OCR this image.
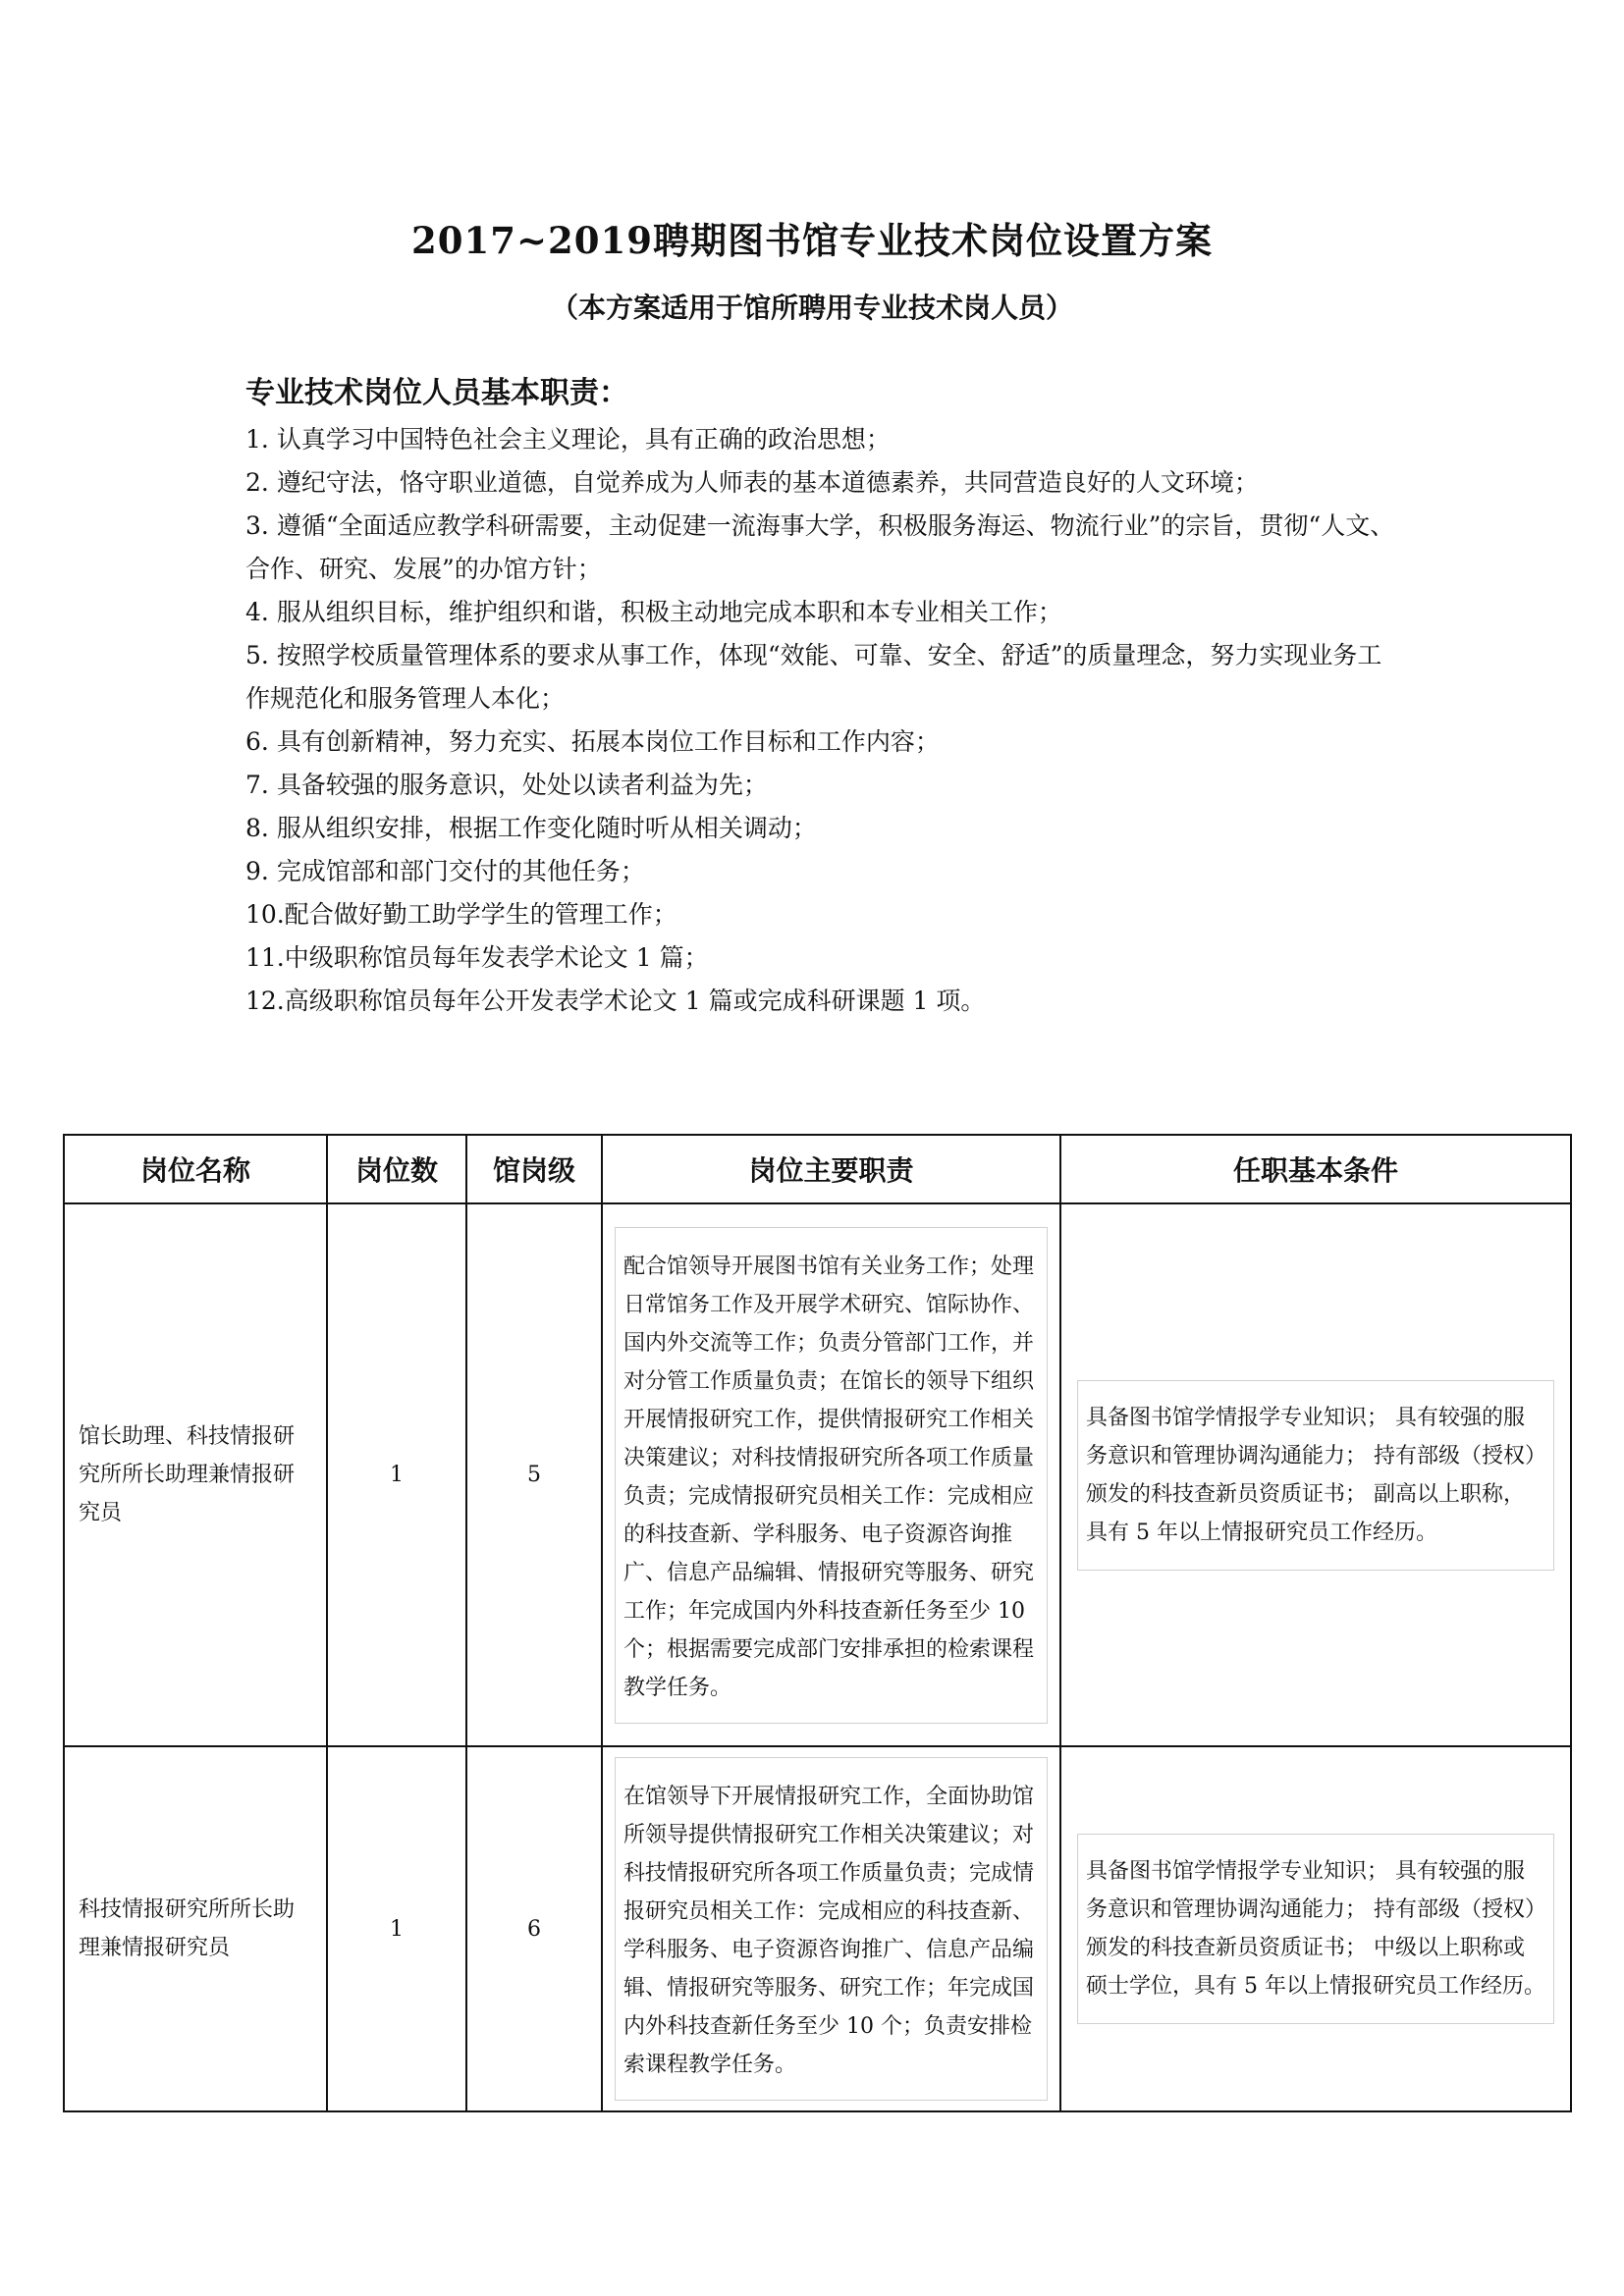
2017~2019聘期图书馆专业技术岗位设置方案
（本方案适用于馆所聘用专业技术岗人员）
专业技术岗位人员基本职责：
1. 认真学习中国特色社会主义理论，具有正确的政治思想；
2. 遵纪守法，恪守职业道德，自觉养成为人师表的基本道德素养，共同营造良好的人文环境；
3. 遵循“全面适应教学科研需要，主动促建一流海事大学，积极服务海运、物流行业”的宗旨，贯彻“人文、合作、研究、发展”的办馆方针；
4. 服从组织目标，维护组织和谐，积极主动地完成本职和本专业相关工作；
5. 按照学校质量管理体系的要求从事工作，体现“效能、可靠、安全、舒适”的质量理念，努力实现业务工作规范化和服务管理人本化；
6. 具有创新精神，努力充实、拓展本岗位工作目标和工作内容；
7. 具备较强的服务意识，处处以读者利益为先；
8. 服从组织安排，根据工作变化随时听从相关调动；
9. 完成馆部和部门交付的其他任务；
10.配合做好勤工助学学生的管理工作；
11.中级职称馆员每年发表学术论文 1 篇；
12.高级职称馆员每年公开发表学术论文 1 篇或完成科研课题 1 项。
岗位名称	岗位数	馆岗级	岗位主要职责	任职基本条件
馆长助理、科技情报研究所所长助理兼情报研究员	1	5	配合馆领导开展图书馆有关业务工作；处理日常馆务工作及开展学术研究、馆际协作、国内外交流等工作；负责分管部门工作，并对分管工作质量负责；在馆长的领导下组织开展情报研究工作，提供情报研究工作相关决策建议；对科技情报研究所各项工作质量负责；完成情报研究员相关工作：完成相应的科技查新、学科服务、电子资源咨询推广、信息产品编辑、情报研究等服务、研究工作；年完成国内外科技查新任务至少 10 个；根据需要完成部门安排承担的检索课程教学任务。	具备图书馆学情报学专业知识； 具有较强的服务意识和管理协调沟通能力； 持有部级（授权）颁发的科技查新员资质证书； 副高以上职称，具有 5 年以上情报研究员工作经历。

科技情报研究所所长助理兼情报研究员	1	6	在馆领导下开展情报研究工作，全面协助馆所领导提供情报研究工作相关决策建议；对科技情报研究所各项工作质量负责；完成情报研究员相关工作：完成相应的科技查新、学科服务、电子资源咨询推广、信息产品编辑、情报研究等服务、研究工作；年完成国内外科技查新任务至少 10 个；负责安排检索课程教学任务。	具备图书馆学情报学专业知识； 具有较强的服务意识和管理协调沟通能力； 持有部级（授权）颁发的科技查新员资质证书； 中级以上职称或硕士学位，具有 5 年以上情报研究员工作经历。
